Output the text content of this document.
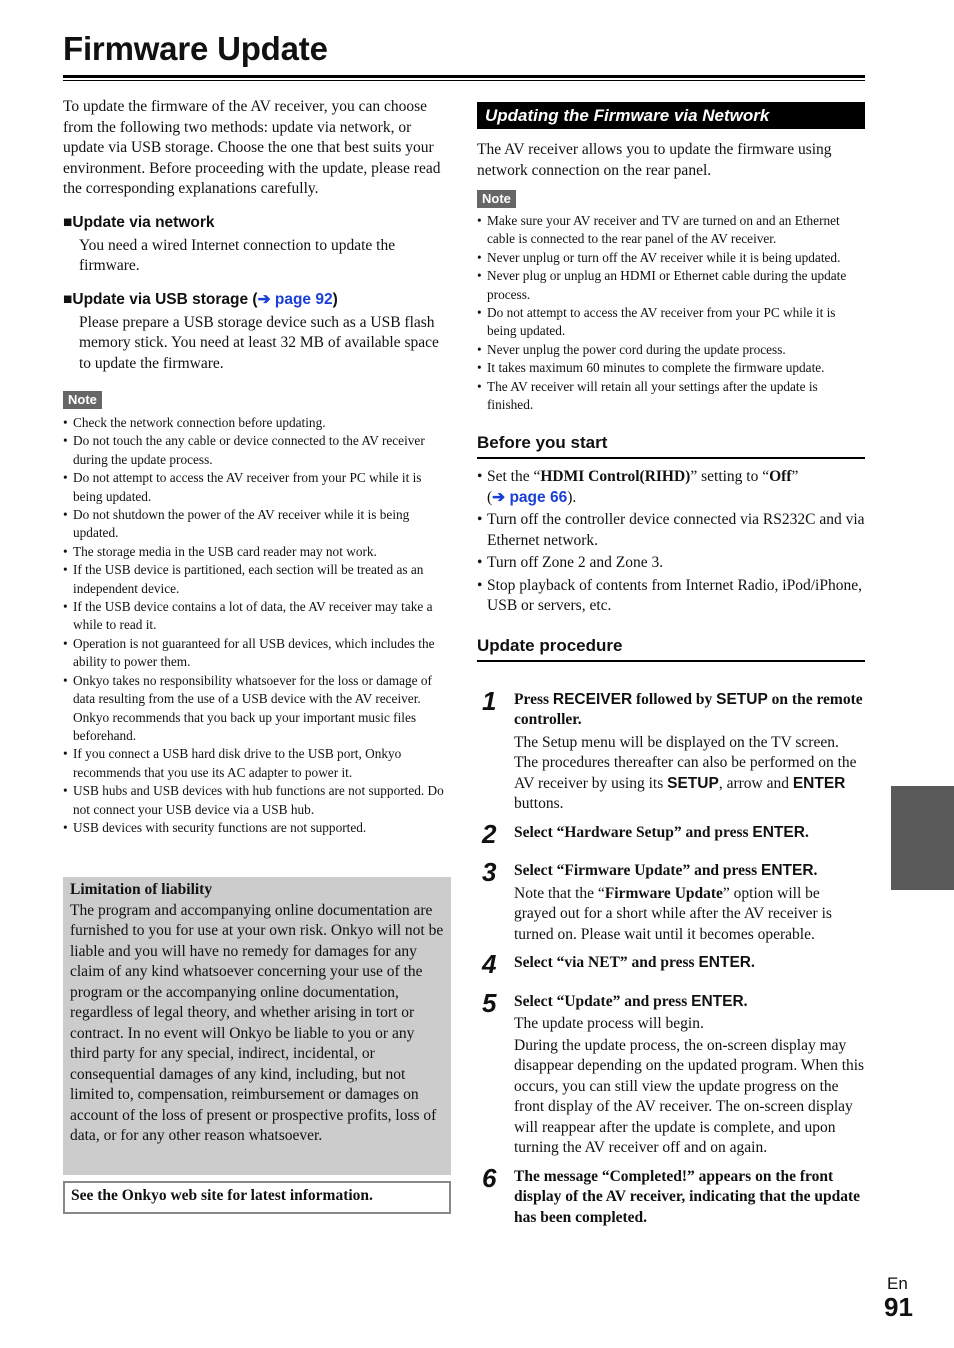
Firmware Update

To update the firmware of the AV receiver, you can choose from the following two methods: update via network, or update via USB storage. Choose the one that best suits your environment. Before proceeding with the update, please read the corresponding explanations carefully.

■Update via network

You need a wired Internet connection to update the firmware.

■Update via USB storage (➔ page 92)

Please prepare a USB storage device such as a USB flash memory stick. You need at least 32 MB of available space to update the firmware.

Note
• Check the network connection before updating.
• Do not touch the any cable or device connected to the AV receiver during the update process.
• Do not attempt to access the AV receiver from your PC while it is being updated.
• Do not shutdown the power of the AV receiver while it is being updated.
• The storage media in the USB card reader may not work.
• If the USB device is partitioned, each section will be treated as an independent device.
• If the USB device contains a lot of data, the AV receiver may take a while to read it.
• Operation is not guaranteed for all USB devices, which includes the ability to power them.
• Onkyo takes no responsibility whatsoever for the loss or damage of data resulting from the use of a USB device with the AV receiver. Onkyo recommends that you back up your important music files beforehand.
• If you connect a USB hard disk drive to the USB port, Onkyo recommends that you use its AC adapter to power it.
• USB hubs and USB devices with hub functions are not supported. Do not connect your USB device via a USB hub.
• USB devices with security functions are not supported.
Limitation of liability
The program and accompanying online documentation are furnished to you for use at your own risk. Onkyo will not be liable and you will have no remedy for damages for any claim of any kind whatsoever concerning your use of the program or the accompanying online documentation, regardless of legal theory, and whether arising in tort or contract. In no event will Onkyo be liable to you or any third party for any special, indirect, incidental, or consequential damages of any kind, including, but not limited to, compensation, reimbursement or damages on account of the loss of present or prospective profits, loss of data, or for any other reason whatsoever.
See the Onkyo web site for latest information.
Updating the Firmware via Network

The AV receiver allows you to update the firmware using network connection on the rear panel.

Note
• Make sure your AV receiver and TV are turned on and an Ethernet cable is connected to the rear panel of the AV receiver.
• Never unplug or turn off the AV receiver while it is being updated.
• Never plug or unplug an HDMI or Ethernet cable during the update process.
• Do not attempt to access the AV receiver from your PC while it is being updated.
• Never unplug the power cord during the update process.
• It takes maximum 60 minutes to complete the firmware update.
• The AV receiver will retain all your settings after the update is finished.
Before you start
• Set the “HDMI Control(RIHD)” setting to “Off”
(➔ page 66).
• Turn off the controller device connected via RS232C and via Ethernet network.
• Turn off Zone 2 and Zone 3.
• Stop playback of contents from Internet Radio, iPod/iPhone, USB or servers, etc.
Update procedure
1 Press RECEIVER followed by SETUP on the remote controller.
The Setup menu will be displayed on the TV screen. The procedures thereafter can also be performed on the AV receiver by using its SETUP, arrow and ENTER buttons.
2 Select “Hardware Setup” and press ENTER.
3 Select “Firmware Update” and press ENTER.
Note that the “Firmware Update” option will be grayed out for a short while after the AV receiver is turned on. Please wait until it becomes operable.
4 Select “via NET” and press ENTER.
5 Select “Update” and press ENTER.
The update process will begin.
During the update process, the on-screen display may disappear depending on the updated program. When this occurs, you can still view the update progress on the front display of the AV receiver. The on-screen display will reappear after the update is complete, and upon turning the AV receiver off and on again.
6 The message “Completed!” appears on the front display of the AV receiver, indicating that the update has been completed.
En
91
